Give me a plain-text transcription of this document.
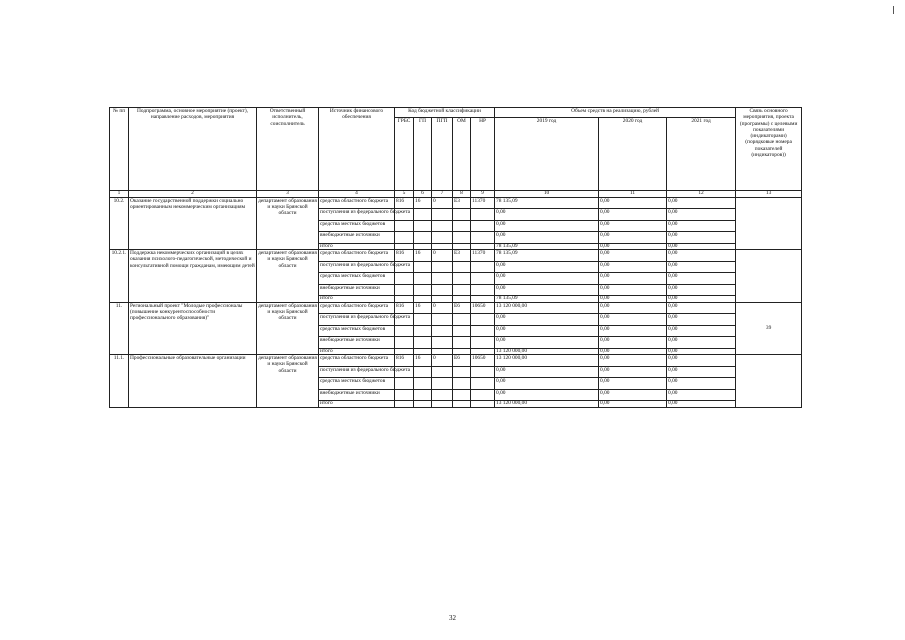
№ пп	Подпрограмма, основное мероприятие (проект), направление расходов, мероприятия	Ответственный исполнитель, соисполнитель	Источник финансового обеспечения	Код бюджетной классификации					Объем средств на реализацию, рублей			Связь основного мероприятия, проекта (программы) с целевыми показателями (индикаторами) (порядковые номера показателей (индикаторов))
				ГРБС	ГП	ПГП	ОМ	НР	2019 год	2020 год	2021 год	
1	2	3	4	5	6	7	8	9	10	11	12	13
10.2.	Оказание государственной поддержки социально ориентированным некоммерческим организациям	департамент образования и науки Брянской области	средства областного бюджета	816	16	0	Е3	11370	78 135,09	0,00	0,00	
			поступления из федерального бюджета						0,00	0,00	0,00	
			средства местных бюджетов						0,00	0,00	0,00	
			внебюджетные источники						0,00	0,00	0,00	
			итого						78 135,09	0,00	0,00	
10.2.1.	Поддержка некоммерческих организаций в целях оказания психолого-педагогической, методической и консультативной помощи гражданам, имеющим детей	департамент образования и науки Брянской области	средства областного бюджета	816	16	0	Е3	11370	78 135,09	0,00	0,00	
			поступления из федерального бюджета						0,00	0,00	0,00	
			средства местных бюджетов						0,00	0,00	0,00	
			внебюджетные источники						0,00	0,00	0,00	
			итого						78 135,09	0,00	0,00	
11.	Региональный проект "Молодые профессионалы (повышение конкурентоспособности профессионального образования)"	департамент образования и науки Брянской области	средства областного бюджета	816	16	0	Е6	10650	13 120 000,00	0,00	0,00	39
			поступления из федерального бюджета						0,00	0,00	0,00	
			средства местных бюджетов						0,00	0,00	0,00	
			внебюджетные источники						0,00	0,00	0,00	
			итого						13 120 000,00	0,00	0,00	
11.1.	Профессиональные образовательные организации	департамент образования и науки Брянской области	средства областного бюджета	816	16	0	Е6	10650	13 120 000,00	0,00	0,00	
			поступления из федерального бюджета						0,00	0,00	0,00	
			средства местных бюджетов						0,00	0,00	0,00	
			внебюджетные источники						0,00	0,00	0,00	
			итого						13 120 000,00	0,00	0,00	
32
